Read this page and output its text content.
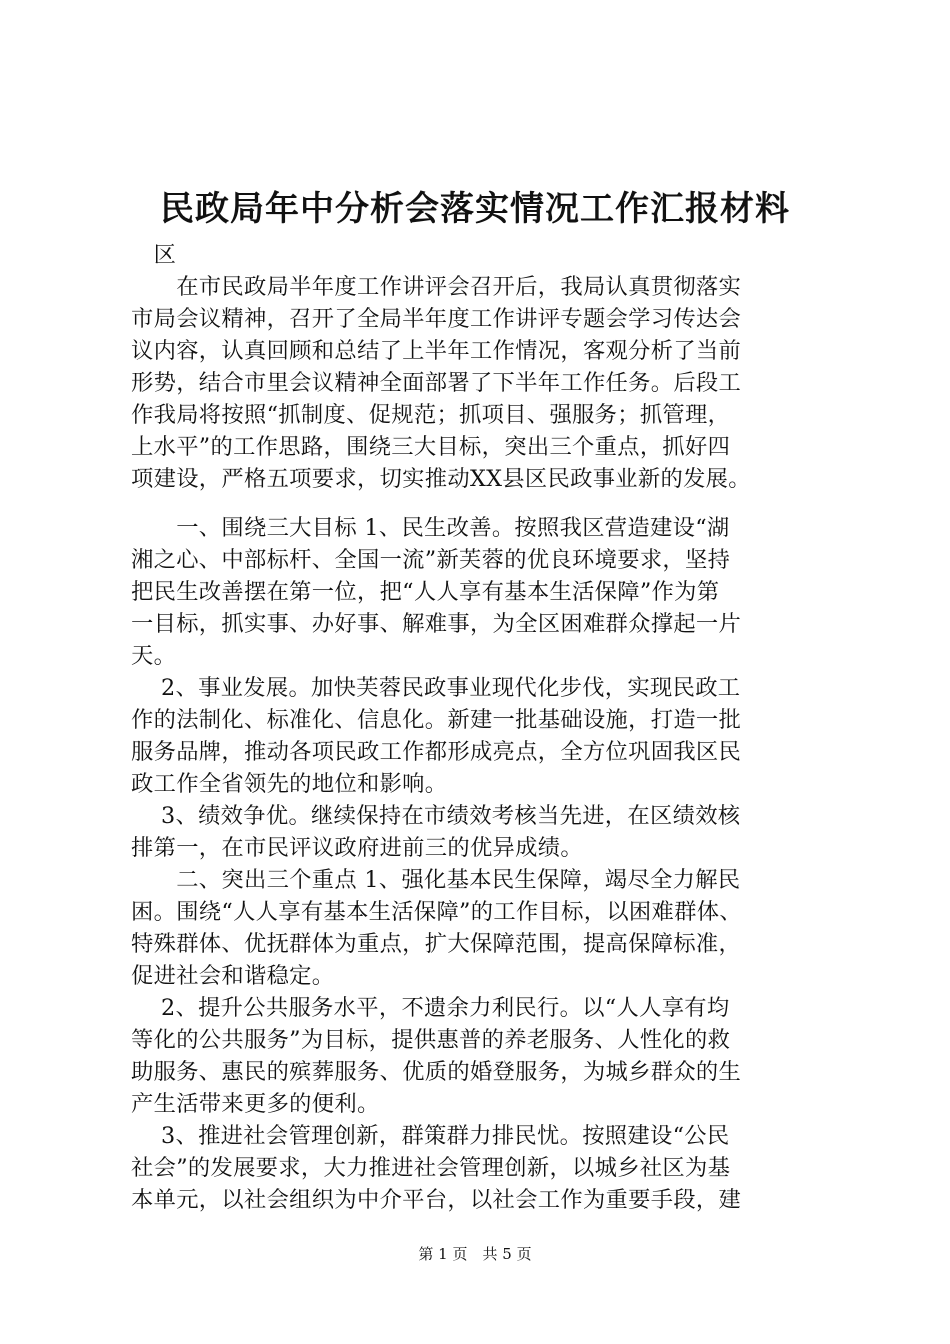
民政局年中分析会落实情况工作汇报材料
　区
　　在市民政局半年度工作讲评会召开后，我局认真贯彻落实
市局会议精神，召开了全局半年度工作讲评专题会学习传达会
议内容，认真回顾和总结了上半年工作情况，客观分析了当前
形势，结合市里会议精神全面部署了下半年工作任务。后段工
作我局将按照“抓制度、促规范；抓项目、强服务；抓管理，
上水平”的工作思路，围绕三大目标，突出三个重点，抓好四
项建设，严格五项要求，切实推动XX县区民政事业新的发展。
　　一、围绕三大目标 1、民生改善。按照我区营造建设“湖
湘之心、中部标杆、全国一流”新芙蓉的优良环境要求，坚持
把民生改善摆在第一位，把“人人享有基本生活保障”作为第
一目标，抓实事、办好事、解难事，为全区困难群众撑起一片
天。
　 2、事业发展。加快芙蓉民政事业现代化步伐，实现民政工
作的法制化、标准化、信息化。新建一批基础设施，打造一批
服务品牌，推动各项民政工作都形成亮点，全方位巩固我区民
政工作全省领先的地位和影响。
　 3、绩效争优。继续保持在市绩效考核当先进，在区绩效核
排第一，在市民评议政府进前三的优异成绩。
　　二、突出三个重点 1、强化基本民生保障，竭尽全力解民
困。围绕“人人享有基本生活保障”的工作目标，以困难群体、
特殊群体、优抚群体为重点，扩大保障范围，提高保障标准，
促进社会和谐稳定。
　 2、提升公共服务水平，不遗余力利民行。以“人人享有均
等化的公共服务”为目标，提供惠普的养老服务、人性化的救
助服务、惠民的殡葬服务、优质的婚登服务，为城乡群众的生
产生活带来更多的便利。
　 3、推进社会管理创新，群策群力排民忧。按照建设“公民
社会”的发展要求，大力推进社会管理创新，以城乡社区为基
本单元，以社会组织为中介平台，以社会工作为重要手段，建
第 1 页　共 5 页
